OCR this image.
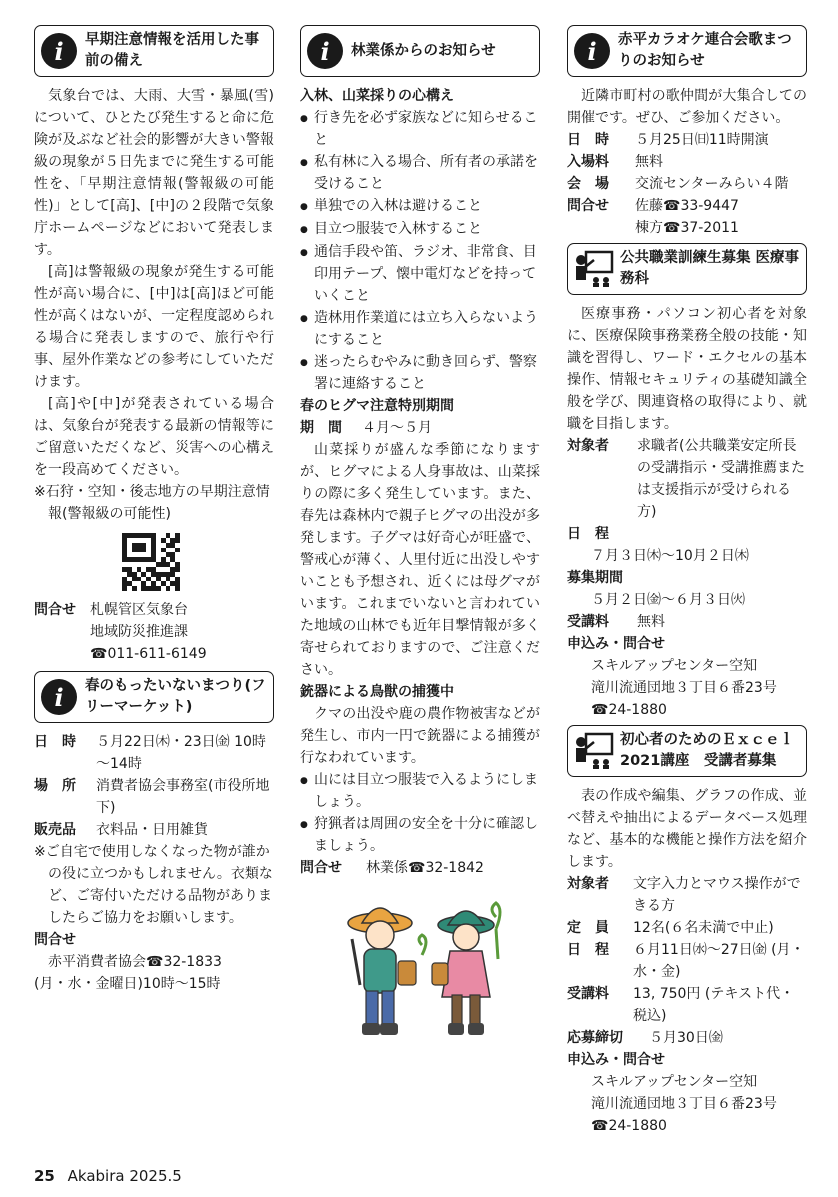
i	早期注意情報を活用した事前の備え

気象台では、大雨、大雪・暴風(雪)について、ひとたび発生すると命に危険が及ぶなど社会的影響が大きい警報級の現象が５日先までに発生する可能性を、「早期注意情報(警報級の可能性)」として[高]、[中]の２段階で気象庁ホームページなどにおいて発表します。

[高]は警報級の現象が発生する可能性が高い場合に、[中]は[高]ほど可能性が高くはないが、一定程度認められる場合に発表しますので、旅行や行事、屋外作業などの参考にしていただけます。

[高]や[中]が発表されている場合は、気象台が発表する最新の情報等にご留意いただくなど、災害への心構えを一段高めてください。

※石狩・空知・後志地方の早期注意情報(警報級の可能性)

問合せ	札幌管区気象台
地域防災推進課
☎011-611-6149
i	春のもったいないまつり(フリーマーケット)
日　時	５月22日㈭・23日㈮ 10時～14時
場　所	消費者協会事務室(市役所地下)
販売品	衣料品・日用雑貨

※ご自宅で使用しなくなった物が誰かの役に立つかもしれません。衣類など、ご寄付いただける品物がありましたらご協力をお願いします。

問合せ
赤平消費者協会☎32-1833
(月・水・金曜日)10時～15時
i	林業係からのお知らせ
入林、山菜採りの心構え
● 行き先を必ず家族などに知らせること
● 私有林に入る場合、所有者の承諾を受けること
● 単独での入林は避けること
● 目立つ服装で入林すること
● 通信手段や笛、ラジオ、非常食、目印用テープ、懐中電灯などを持っていくこと
● 造林用作業道には立ち入らないようにすること
● 迷ったらむやみに動き回らず、警察署に連絡すること
春のヒグマ注意特別期間
期　間	４月～５月

山菜採りが盛んな季節になりますが、ヒグマによる人身事故は、山菜採りの際に多く発生しています。また、春先は森林内で親子ヒグマの出没が多発します。子グマは好奇心が旺盛で、警戒心が薄く、人里付近に出没しやすいことも予想され、近くには母グマがいます。これまでいないと言われていた地域の山林でも近年目撃情報が多く寄せられておりますので、ご注意ください。

銃器による鳥獣の捕獲中

クマの出没や鹿の農作物被害などが発生し、市内一円で銃器による捕獲が行なわれています。

● 山には目立つ服装で入るようにしましょう。
● 狩猟者は周囲の安全を十分に確認しましょう。
問合せ	林業係☎32-1842
i	赤平カラオケ連合会歌まつりのお知らせ

近隣市町村の歌仲間が大集合しての開催です。ぜひ、ご参加ください。

日　時	５月25日㈰11時開演
入場料	無料
会　場	交流センターみらい４階
問合せ	佐藤☎33-9447
棟方☎37-2011
公共職業訓練生募集 医療事務科

医療事務・パソコン初心者を対象に、医療保険事務業務全般の技能・知識を習得し、ワード・エクセルの基本操作、情報セキュリティの基礎知識全般を学び、関連資格の取得により、就職を目指します。

対象者	求職者(公共職業安定所長の受講指示・受講推薦または支援指示が受けられる方)
日　程
７月３日㈭～10月２日㈭
募集期間
５月２日㈮～６月３日㈫
受講料	無料
申込み・問合せ
スキルアップセンター空知
滝川流通団地３丁目６番23号
☎24-1880
初心者のためのＥｘｃｅｌ 2021講座　受講者募集

表の作成や編集、グラフの作成、並べ替えや抽出によるデータベース処理など、基本的な機能と操作方法を紹介します。

対象者	文字入力とマウス操作ができる方
定　員	12名(６名未満で中止)
日　程	６月11日㈬～27日㈮ (月・水・金)
受講料	13, 750円 (テキスト代・税込)
応募締切	５月30日㈮
申込み・問合せ
スキルアップセンター空知
滝川流通団地３丁目６番23号
☎24-1880
25 Akabira 2025.5
